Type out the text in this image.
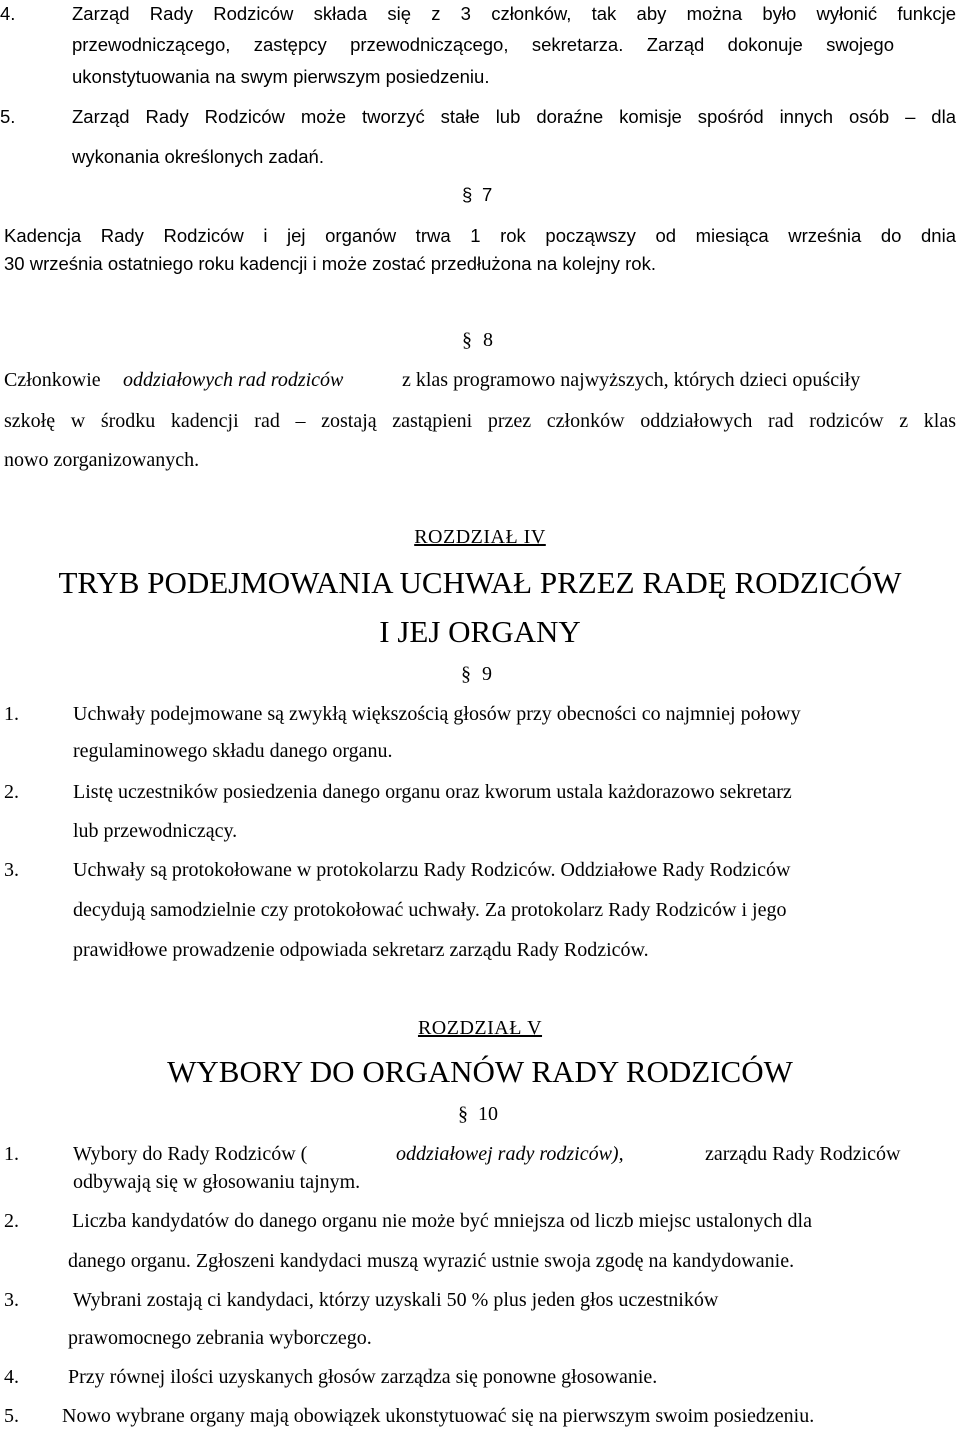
4.	Zarząd Rady Rodziców składa się z 3 członków, tak aby można było wyłonić funkcje
przewodniczącego, zastępcy przewodniczącego, sekretarza. Zarząd dokonuje swojego
ukonstytuowania na swym pierwszym posiedzeniu.
5.	Zarząd Rady Rodziców może tworzyć stałe lub doraźne komisje spośród innych osób – dla
wykonania określonych zadań.
§ 7
Kadencja Rady Rodziców i jej organów trwa 1 rok począwszy od miesiąca września do dnia
30 września ostatniego roku kadencji i może zostać przedłużona na kolejny rok.
§ 8
Członkowie oddziałowych rad rodziców	z klas programowo najwyższych, których dzieci opuściły
szkołę w środku kadencji rad – zostają zastąpieni przez członków oddziałowych rad rodziców z klas
nowo zorganizowanych.
ROZDZIAŁ IV
TRYB PODEJMOWANIA UCHWAŁ PRZEZ RADĘ RODZICÓW
I JEJ ORGANY
§ 9
1.	Uchwały podejmowane są zwykłą większością głosów przy obecności co najmniej połowy
regulaminowego składu danego organu.
2.	Listę uczestników posiedzenia danego organu oraz kworum ustala każdorazowo sekretarz
lub przewodniczący.
3.	Uchwały są protokołowane w protokolarzu Rady Rodziców. Oddziałowe Rady Rodziców
decydują samodzielnie czy protokołować uchwały. Za protokolarz Rady Rodziców i jego
prawidłowe prowadzenie odpowiada sekretarz zarządu Rady Rodziców.
ROZDZIAŁ V
WYBORY DO ORGANÓW RADY RODZICÓW
§ 10
1.	Wybory do Rady Rodziców (	oddziałowej rady rodziców),	zarządu Rady Rodziców
odbywają się w głosowaniu tajnym.
2.	Liczba kandydatów do danego organu nie może być mniejsza od liczb miejsc ustalonych dla
danego organu. Zgłoszeni kandydaci muszą wyrazić ustnie swoja zgodę na kandydowanie.
3.	Wybrani zostają ci kandydaci, którzy uzyskali 50 % plus jeden głos uczestników
prawomocnego zebrania wyborczego.
4. Przy równej ilości uzyskanych głosów zarządza się ponowne głosowanie.
5. Nowo wybrane organy mają obowiązek ukonstytuować się na pierwszym swoim posiedzeniu.
